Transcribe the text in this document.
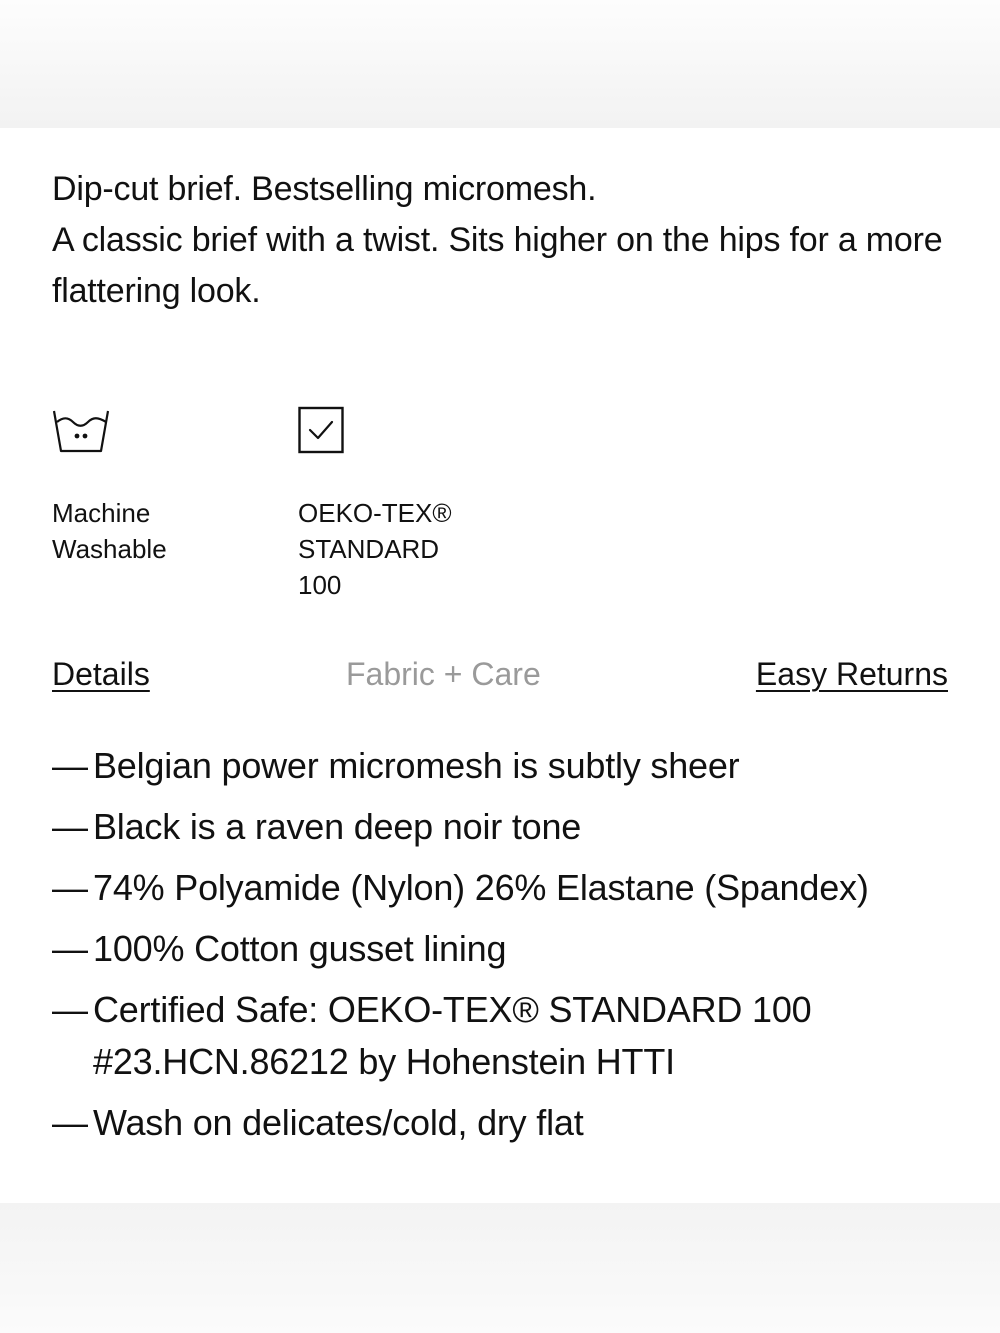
Dip-cut brief. Bestselling micromesh.

A classic brief with a twist. Sits higher on the hips for a more flattering look.

Machine
Washable
OEKO-TEX®
STANDARD
100
Details	Fabric + Care	Easy Returns
— Belgian power micromesh is subtly sheer
— Black is a raven deep noir tone
— 74% Polyamide (Nylon) 26% Elastane (Spandex)
— 100% Cotton gusset lining
— Certified Safe: OEKO-TEX® STANDARD 100 #23.HCN.86212 by Hohenstein HTTI
— Wash on delicates/cold, dry flat
